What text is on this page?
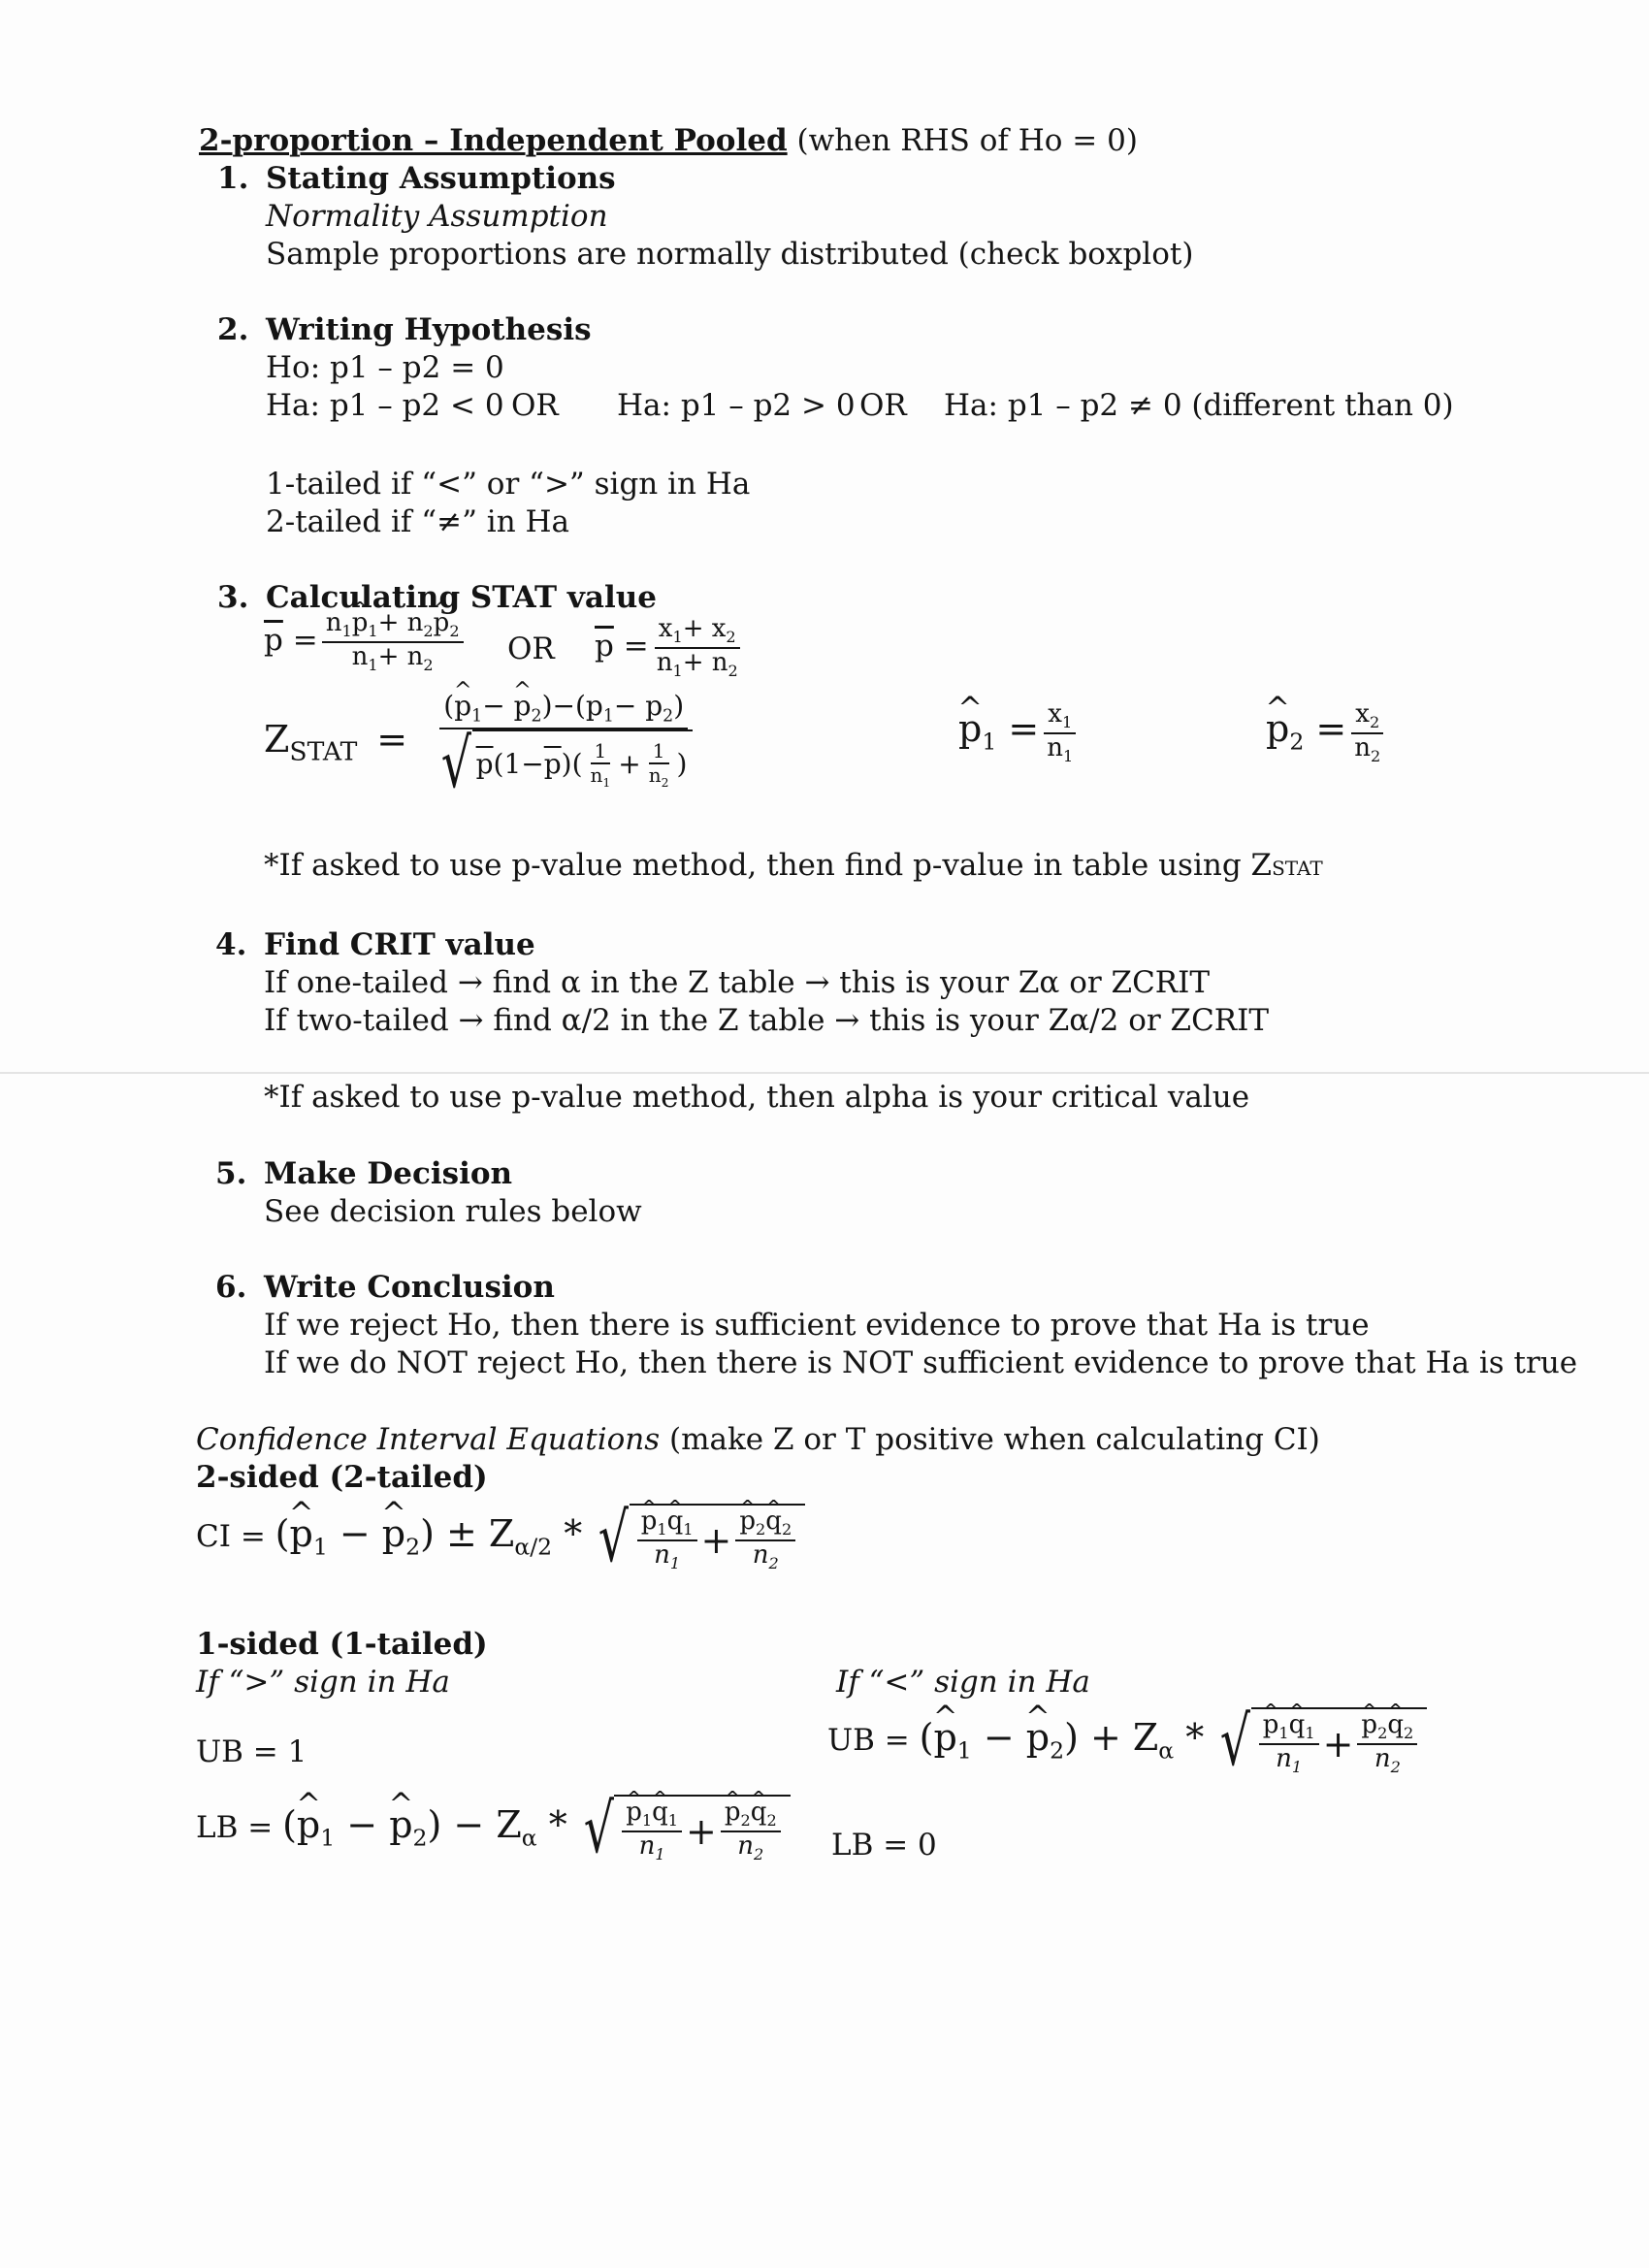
2-proportion – Independent Pooled (when RHS of Ho = 0)
1. Stating Assumptions
Normality Assumption
Sample proportions are normally distributed (check boxplot)
2. Writing Hypothesis
Ho: p1 – p2 = 0
Ha: p1 – p2 < 0 OR Ha: p1 – p2 > 0 OR Ha: p1 – p2 ≠ 0 (different than 0)
1-tailed if “<” or “>” sign in Ha
2-tailed if “≠” in Ha
3. Calculating STAT value
$\overline{p} = \frac{n_1\^{} p_1+ n_2\^{} p_2}{n_1+ n_2}$ OR $\overline{p} = \frac{x_1+ x_2}{n_1+ n_2}$
$Z_{STAT} = \frac{(\^{} p_1- \^{} p_2)-(p_1- p_2)}{√ p (1- \overline{p} )( \frac{1}{n_1} + \frac{1}{n_2} )}$	^ $p_1 = \frac{x_1}{n_1}$	^ $p_2 = \frac{x_2}{n_2}$
*If asked to use p-value method, then find p-value in table using ZSTAT
4. Find CRIT value
If one-tailed → find α in the Z table → this is your Zα or ZCRIT
If two-tailed → find α/2 in the Z table → this is your Zα/2 or ZCRIT
*If asked to use p-value method, then alpha is your critical value
5. Make Decision
See decision rules below
6. Write Conclusion
If we reject Ho, then there is sufficient evidence to prove that Ha is true
If we do NOT reject Ho, then there is NOT sufficient evidence to prove that Ha is true
Confidence Interval Equations (make Z or T positive when calculating CI)
2-sided (2-tailed)
CI = (^ $p_1$ − ^ $p_2) \pm Z_{\alpha/2}$ * √ ^ $\frac{p_1\^{} q_1}{n_1}$ + ^ $\frac{p_2\^{} q_2}{n_2}$
1-sided (1-tailed)
If “>” sign in Ha	If “<” sign in Ha
UB = 1	UB = (^ $p_1$ − ^ $p_2) + Z_\alpha$ * √ ^ $\frac{p_1\^{} q_1}{n_1}$ + ^ $\frac{p_2\^{} q_2}{n_2}$
LB = (^ $p_1$ − ^ $p_2) - Z_\alpha$ * √ ^ $\frac{p_1\^{} q_1}{n_1}$ + ^ $\frac{p_2\^{} q_2}{n_2}$ LB = 0
